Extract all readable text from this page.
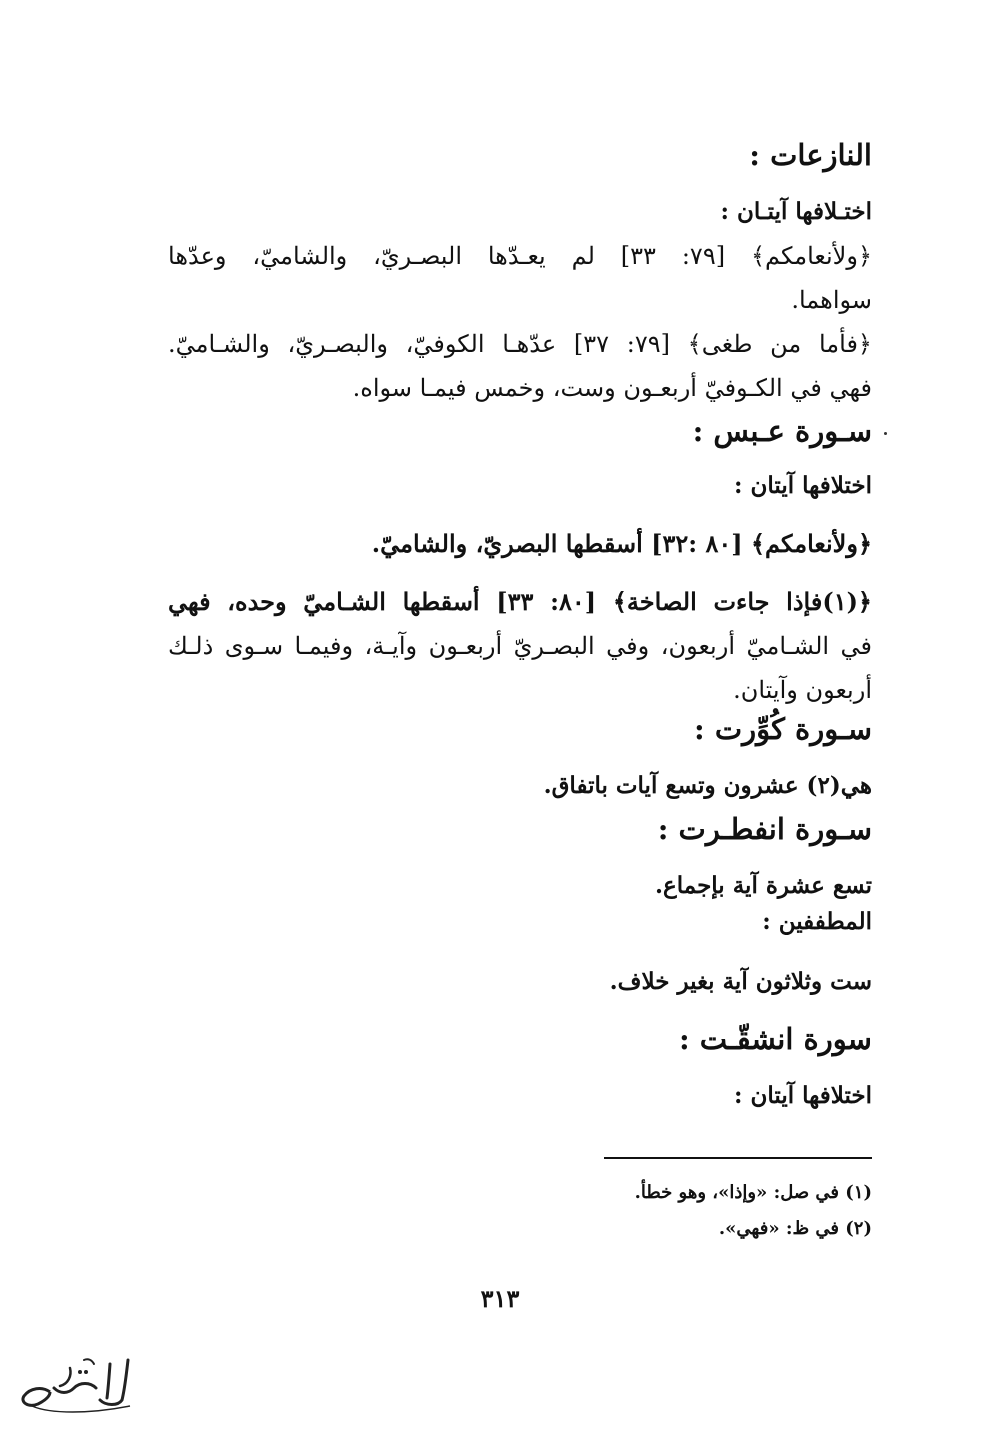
النازعات :
اختـلافها آيتـان :
﴿ولأنعامكم﴾ [٧٩: ٣٣] لم يعـدّها البصـريّ، والشاميّ، وعدّها
سواهما.
﴿فأما من طغى﴾ [٧٩: ٣٧] عدّهـا الكوفيّ، والبصـريّ، والشـاميّ.
فهي في الكـوفيّ أربعـون وست، وخمس فيمـا سواه.
سـورة عـبس :
اختلافها آيتان :
﴿ولأنعامكم﴾ [٨٠ :٣٢] أسقطها البصريّ، والشاميّ.
﴿(١)فإذا جاءت الصاخة﴾ [٨٠: ٣٣] أسقطها الشـاميّ وحده، فهي
في الشـاميّ أربعون، وفي البصـريّ أربعـون وآيـة، وفيمـا سـوى ذلـك
أربعون وآيتان.
سـورة كُوِّرت :
هي(٢) عشرون وتسع آيات باتفاق.
سـورة انفطـرت :
تسع عشرة آية بإجماع.
المطففين :
ست وثلاثون آية بغير خلاف.
سورة انشقّـت :
اختلافها آيتان :
(١) في صل: «وإذا»، وهو خطأ.
(٢) في ظ: «فهي».
٣١٣
